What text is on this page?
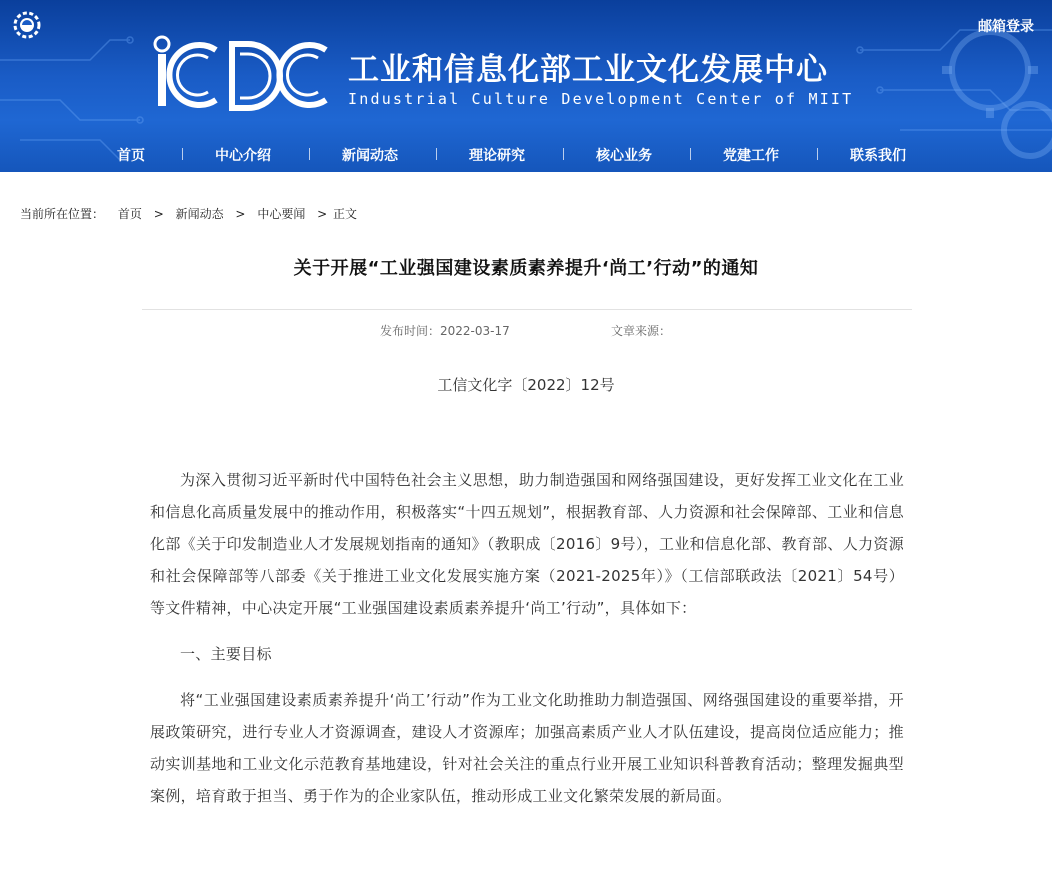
邮箱登录
工业和信息化部工业文化发展中心
Industrial Culture Development Center of MIIT
首页	中心介绍	新闻动态	理论研究	核心业务	党建工作	联系我们
当前所在位置： 首页 > 新闻动态 > 中心要闻 > 正文
关于开展“工业强国建设素质素养提升‘尚工’行动”的通知
发布时间：2022-03-17	文章来源：
工信文化字〔2022〕12号

为深入贯彻习近平新时代中国特色社会主义思想，助力制造强国和网络强国建设，更好发挥工业文化在工业和信息化高质量发展中的推动作用，积极落实“十四五规划”，根据教育部、人力资源和社会保障部、工业和信息化部《关于印发制造业人才发展规划指南的通知》（教职成〔2016〕9号），工业和信息化部、教育部、人力资源和社会保障部等八部委《关于推进工业文化发展实施方案（2021-2025年）》（工信部联政法〔2021〕54号）等文件精神，中心决定开展“工业强国建设素质素养提升‘尚工’行动”，具体如下：

一、主要目标

将“工业强国建设素质素养提升‘尚工’行动”作为工业文化助推助力制造强国、网络强国建设的重要举措，开展政策研究，进行专业人才资源调查，建设人才资源库；加强高素质产业人才队伍建设，提高岗位适应能力；推动实训基地和工业文化示范教育基地建设，针对社会关注的重点行业开展工业知识科普教育活动；整理发掘典型案例，培育敢于担当、勇于作为的企业家队伍，推动形成工业文化繁荣发展的新局面。
